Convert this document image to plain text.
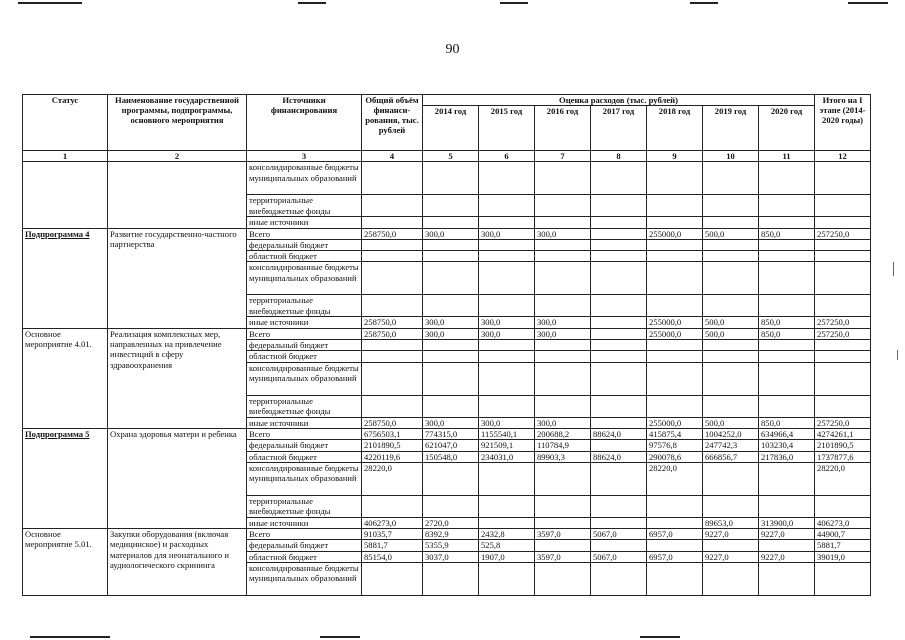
90
Статус	Наименование государственной программы, подпрограммы, основного мероприятия	Источники финансирования	Общий объём финанси-рования, тыс. рублей	Оценка расходов (тыс. рублей)							Итого на I этапе (2014-2020 годы)
				2014 год	2015 год	2016 год	2017 год	2018 год	2019 год	2020 год	
1	2	3	4	5	6	7	8	9	10	11	12
		консолидированные бюджеты муниципальных образований									
		территориальные внебюджетные фонды									
		иные источники									
Подпрограмма 4	Развитие государственно-частного партнерства	Всего	258750,0	300,0	300,0	300,0		255000,0	500,0	850,0	257250,0
		федеральный бюджет									
		областной бюджет									
		консолидированные бюджеты муниципальных образований									
		территориальные внебюджетные фонды									
		иные источники	258750,0	300,0	300,0	300,0		255000,0	500,0	850,0	257250,0
Основное мероприятие 4.01.	Реализация комплексных мер, направленных на привлечение инвестиций в сферу здравоохранения	Всего	258750,0	300,0	300,0	300,0		255000,0	500,0	850,0	257250,0
		федеральный бюджет									
		областной бюджет									
		консолидированные бюджеты муниципальных образований									
		территориальные внебюджетные фонды									
		иные источники	258750,0	300,0	300,0	300,0		255000,0	500,0	850,0	257250,0
Подпрограмма 5	Охрана здоровья матери и ребенка	Всего	6756503,1	774315,0	1155540,1	200688,2	88624,0	415875,4	1004252,0	634966,4	4274261,1
		федеральный бюджет	2101890,5	621047,0	921509,1	110784,9		97576,8	247742,3	103230,4	2101890,5
		областной бюджет	4220119,6	150548,0	234031,0	89903,3	88624,0	290078,6	666856,7	217836,0	1737877,6
		консолидированные бюджеты муниципальных образований	28220,0					28220,0			28220,0
		территориальные внебюджетные фонды									
		иные источники	406273,0	2720,0					89653,0	313900,0	406273,0
Основное мероприятие 5.01.	Закупки оборудования (включая медицинское) и расходных материалов для неонатального и аудиологического скрининга	Всего	91035,7	8392,9	2432,8	3597,0	5067,0	6957,0	9227,0	9227,0	44900,7
		федеральный бюджет	5881,7	5355,9	525,8						5881,7
		областной бюджет	85154,0	3037,0	1907,0	3597,0	5067,0	6957,0	9227,0	9227,0	39019,0
		консолидированные бюджеты муниципальных образований									
